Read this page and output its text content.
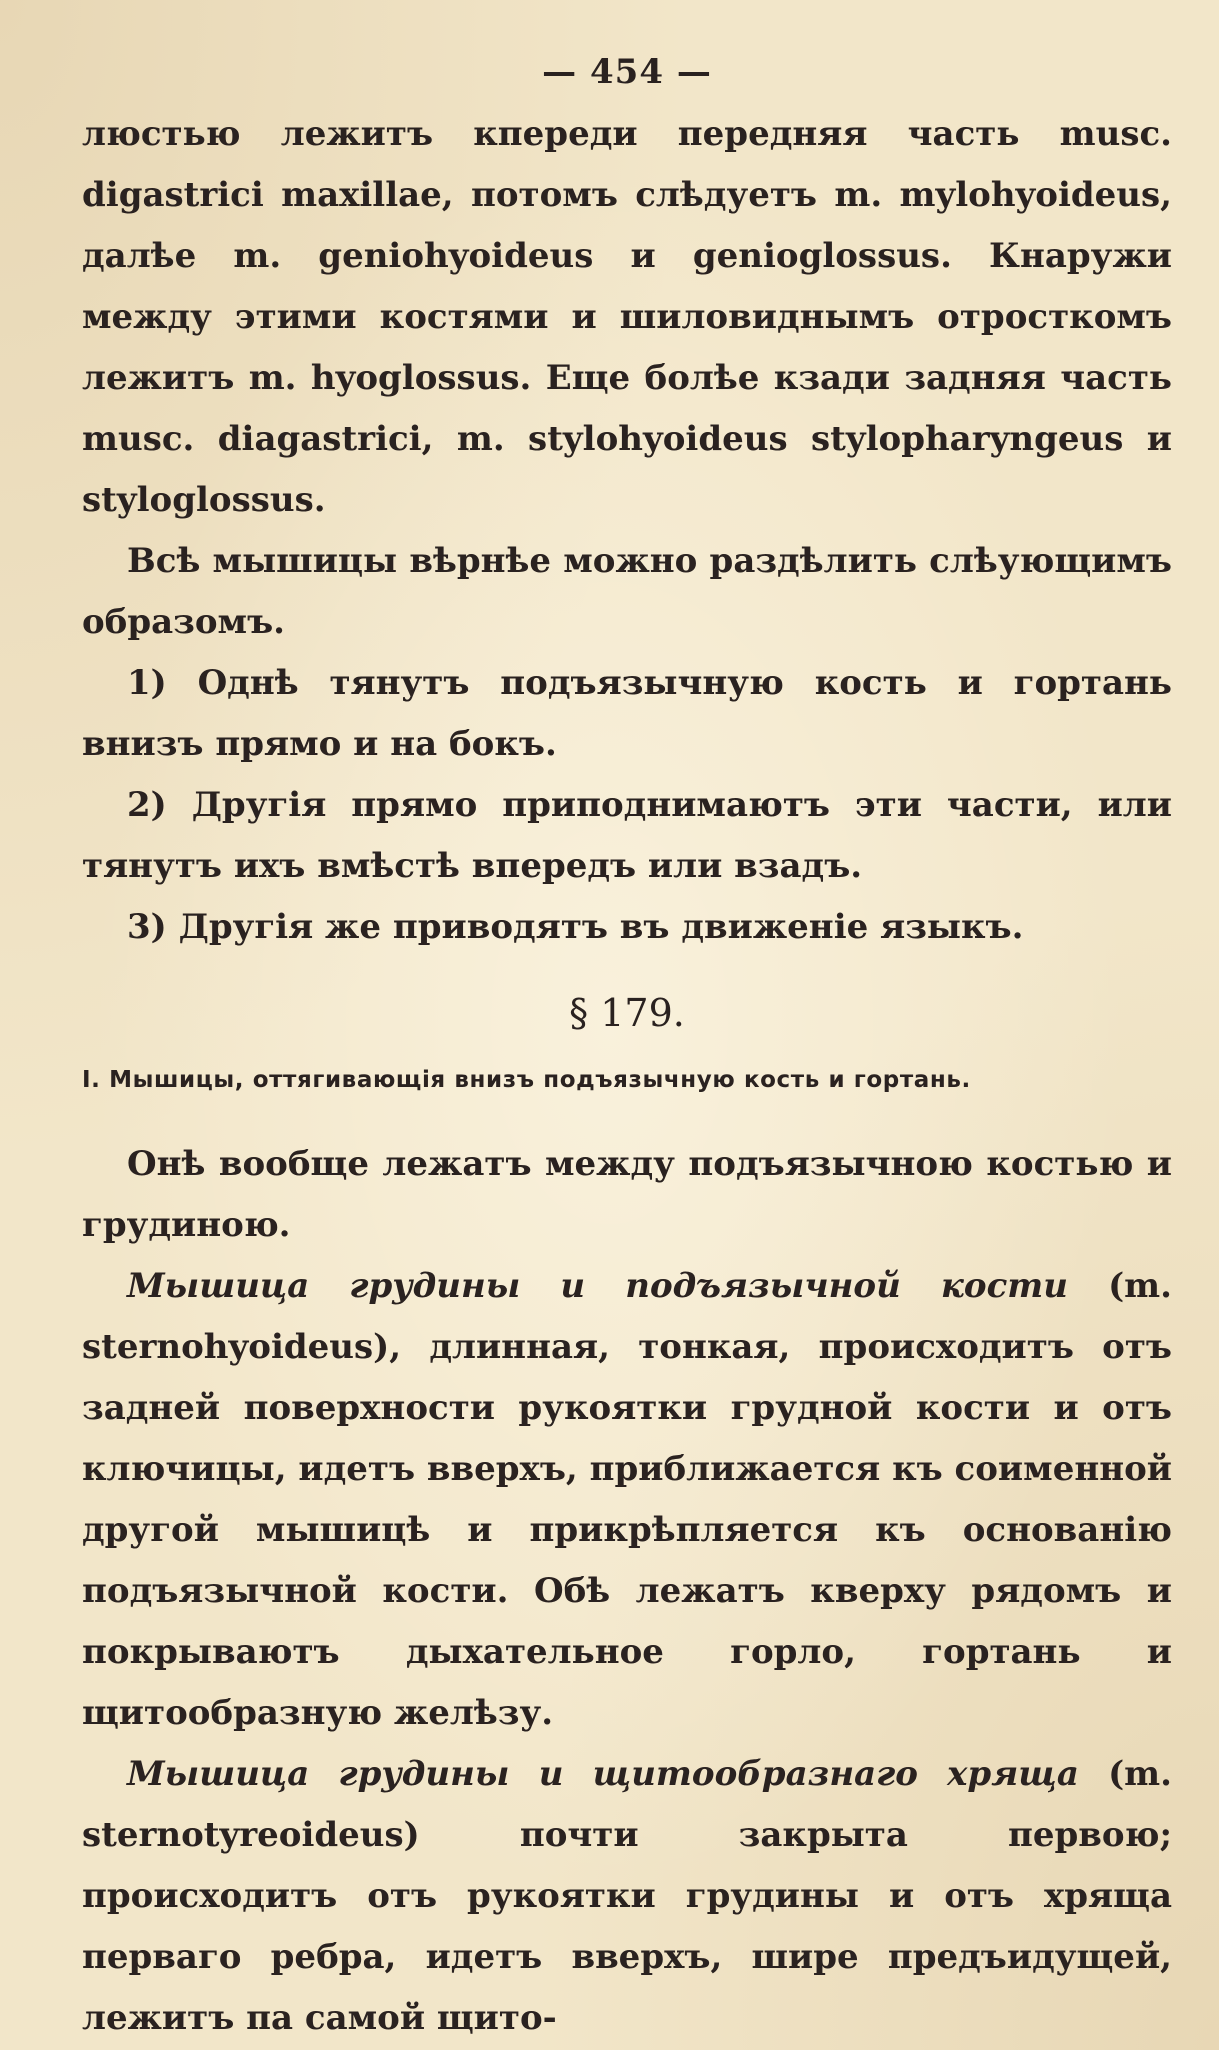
— 454 —

люстью лежитъ кпереди передняя часть musc. digastrici maxillae, потомъ слѣдуетъ m. mylohyoideus, далѣе m. geniohyoideus и genioglossus. Кнаружи между этими костями и шиловиднымъ отросткомъ лежитъ m. hyoglossus. Еще болѣе кзади задняя часть musc. diagastrici, m. stylohyoideus stylopharyngeus и styloglossus.

Всѣ мышицы вѣрнѣе можно раздѣлить слѣующимъ образомъ.

1) Однѣ тянутъ подъязычную кость и гортань внизъ прямо и на бокъ.

2) Другія прямо приподнимаютъ эти части, или тянутъ ихъ вмѣстѣ впередъ или взадъ.

3) Другія же приводятъ въ движеніе языкъ.

§ 179.
I. Мышицы, оттягивающія внизъ подъязычную кость и гортань.

Онѣ вообще лежатъ между подъязычною костью и грудиною.

Мышица грудины и подъязычной кости (m. sternohyoideus), длинная, тонкая, происходитъ отъ задней поверхности рукоятки грудной кости и отъ ключицы, идетъ вверхъ, приближается къ соименной другой мышицѣ и прикрѣпляется къ основанію подъязычной кости. Обѣ лежатъ кверху рядомъ и покрываютъ дыхательное горло, гортань и щитообразную желѣзу.

Мышица грудины и щитообразнаго хряща (m. sternotyreoideus) почти закрыта первою; происходитъ отъ рукоятки грудины и отъ хряща перваго ребра, идетъ вверхъ, шире предъидущей, лежитъ па самой щито-
